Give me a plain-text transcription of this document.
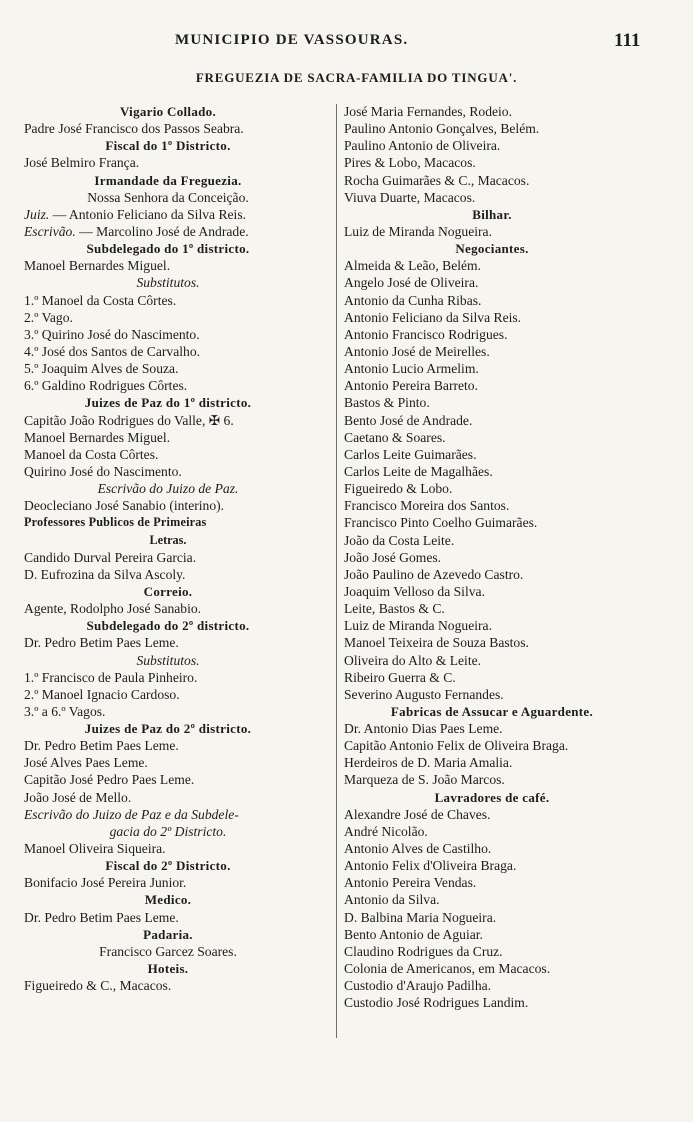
MUNICIPIO DE VASSOURAS.	111
FREGUEZIA DE SACRA-FAMILIA DO TINGUA'.
Vigario Collado.
Padre José Francisco dos Passos Seabra.
Fiscal do 1º Districto.
José Belmiro França.
Irmandade da Freguezia.
Nossa Senhora da Conceição.
Juiz. — Antonio Feliciano da Silva Reis.
Escrivão. — Marcolino José de Andrade.
Subdelegado do 1º districto.
Manoel Bernardes Miguel.
Substitutos.
1.º Manoel da Costa Côrtes.
2.º Vago.
3.º Quirino José do Nascimento.
4.º José dos Santos de Carvalho.
5.º Joaquim Alves de Souza.
6.º Galdino Rodrigues Côrtes.
Juizes de Paz do 1º districto.
Capitão João Rodrigues do Valle, ✠ 6.
Manoel Bernardes Miguel.
Manoel da Costa Côrtes.
Quirino José do Nascimento.
Escrivão do Juizo de Paz.
Deocleciano José Sanabio (interino).
Professores Publicos de Primeiras
Letras.
Candido Durval Pereira Garcia.
D. Eufrozina da Silva Ascoly.
Correio.
Agente, Rodolpho José Sanabio.
Subdelegado do 2º districto.
Dr. Pedro Betim Paes Leme.
Substitutos.
1.º Francisco de Paula Pinheiro.
2.º Manoel Ignacio Cardoso.
3.º a 6.º Vagos.
Juizes de Paz do 2º districto.
Dr. Pedro Betim Paes Leme.
José Alves Paes Leme.
Capitão José Pedro Paes Leme.
João José de Mello.
Escrivão do Juizo de Paz e da Subdele-
gacia do 2º Districto.
Manoel Oliveira Siqueira.
Fiscal do 2º Districto.
Bonifacio José Pereira Junior.
Medico.
Dr. Pedro Betim Paes Leme.
Padaria.
Francisco Garcez Soares.
Hoteis.
Figueiredo & C., Macacos.
José Maria Fernandes, Rodeio.
Paulino Antonio Gonçalves, Belém.
Paulino Antonio de Oliveira.
Pires & Lobo, Macacos.
Rocha Guimarães & C., Macacos.
Viuva Duarte, Macacos.
Bilhar.
Luiz de Miranda Nogueira.
Negociantes.
Almeida & Leão, Belém.
Angelo José de Oliveira.
Antonio da Cunha Ribas.
Antonio Feliciano da Silva Reis.
Antonio Francisco Rodrigues.
Antonio José de Meirelles.
Antonio Lucio Armelim.
Antonio Pereira Barreto.
Bastos & Pinto.
Bento José de Andrade.
Caetano & Soares.
Carlos Leite Guimarães.
Carlos Leite de Magalhães.
Figueiredo & Lobo.
Francisco Moreira dos Santos.
Francisco Pinto Coelho Guimarães.
João da Costa Leite.
João José Gomes.
João Paulino de Azevedo Castro.
Joaquim Velloso da Silva.
Leite, Bastos & C.
Luiz de Miranda Nogueira.
Manoel Teixeira de Souza Bastos.
Oliveira do Alto & Leite.
Ribeiro Guerra & C.
Severino Augusto Fernandes.
Fabricas de Assucar e Aguardente.
Dr. Antonio Dias Paes Leme.
Capitão Antonio Felix de Oliveira Braga.
Herdeiros de D. Maria Amalia.
Marqueza de S. João Marcos.
Lavradores de café.
Alexandre José de Chaves.
André Nicolão.
Antonio Alves de Castilho.
Antonio Felix d'Oliveira Braga.
Antonio Pereira Vendas.
Antonio da Silva.
D. Balbina Maria Nogueira.
Bento Antonio de Aguiar.
Claudino Rodrigues da Cruz.
Colonia de Americanos, em Macacos.
Custodio d'Araujo Padilha.
Custodio José Rodrigues Landim.
